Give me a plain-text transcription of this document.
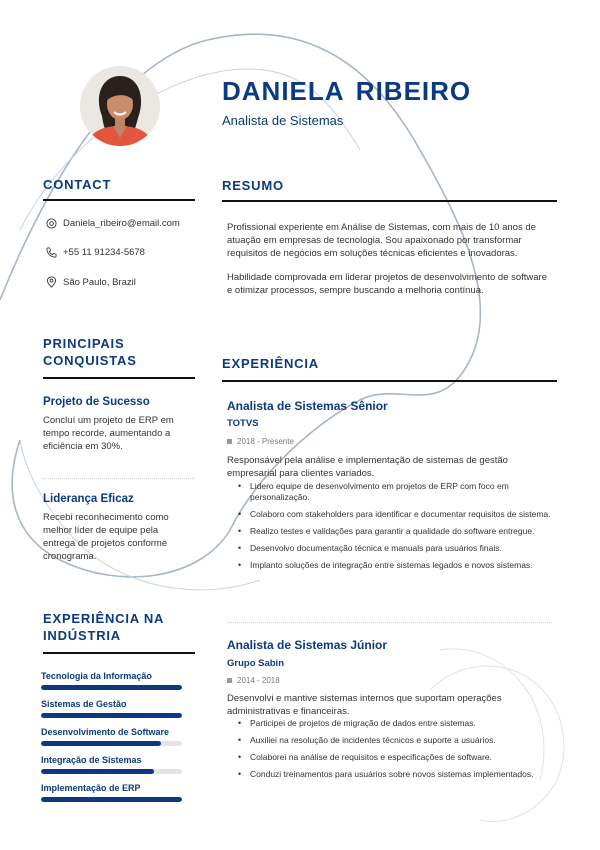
DANIELA RIBEIRO
Analista de Sistemas
CONTACT
Daniela_ribeiro@email.com
+55 11 91234-5678
São Paulo, Brazil
PRINCIPAIS CONQUISTAS
Projeto de Sucesso
Concluí um projeto de ERP em tempo recorde, aumentando a eficiência em 30%.
Liderança Eficaz
Recebi reconhecimento como melhor líder de equipe pela entrega de projetos conforme cronograma.
EXPERIÊNCIA NA INDÚSTRIA
Tecnologia da Informação
Sistemas de Gestão
Desenvolvimento de Software
Integração de Sistemas
Implementação de ERP
RESUMO

Profissional experiente em Análise de Sistemas, com mais de 10 anos de atuação em empresas de tecnologia. Sou apaixonado por transformar requisitos de negócios em soluções técnicas eficientes e inovadoras.

Habilidade comprovada em liderar projetos de desenvolvimento de software e otimizar processos, sempre buscando a melhoria contínua.

EXPERIÊNCIA
Analista de Sistemas Sênior
TOTVS
2018 - Presente
Responsável pela análise e implementação de sistemas de gestão empresarial para clientes variados.
• Lidero equipe de desenvolvimento em projetos de ERP com foco em personalização.
• Colaboro com stakeholders para identificar e documentar requisitos de sistema.
• Realizo testes e validações para garantir a qualidade do software entregue.
• Desenvolvo documentação técnica e manuals para usuários finais.
• Implanto soluções de integração entre sistemas legados e novos sistemas.
Analista de Sistemas Júnior
Grupo Sabin
2014 - 2018
Desenvolvi e mantive sistemas internos que suportam operações administrativas e financeiras.
• Participei de projetos de migração de dados entre sistemas.
• Auxiliei na resolução de incidentes técnicos e suporte a usuários.
• Colaborei na análise de requisitos e especificações de software.
• Conduzi treinamentos para usuários sobre novos sistemas implementados.
